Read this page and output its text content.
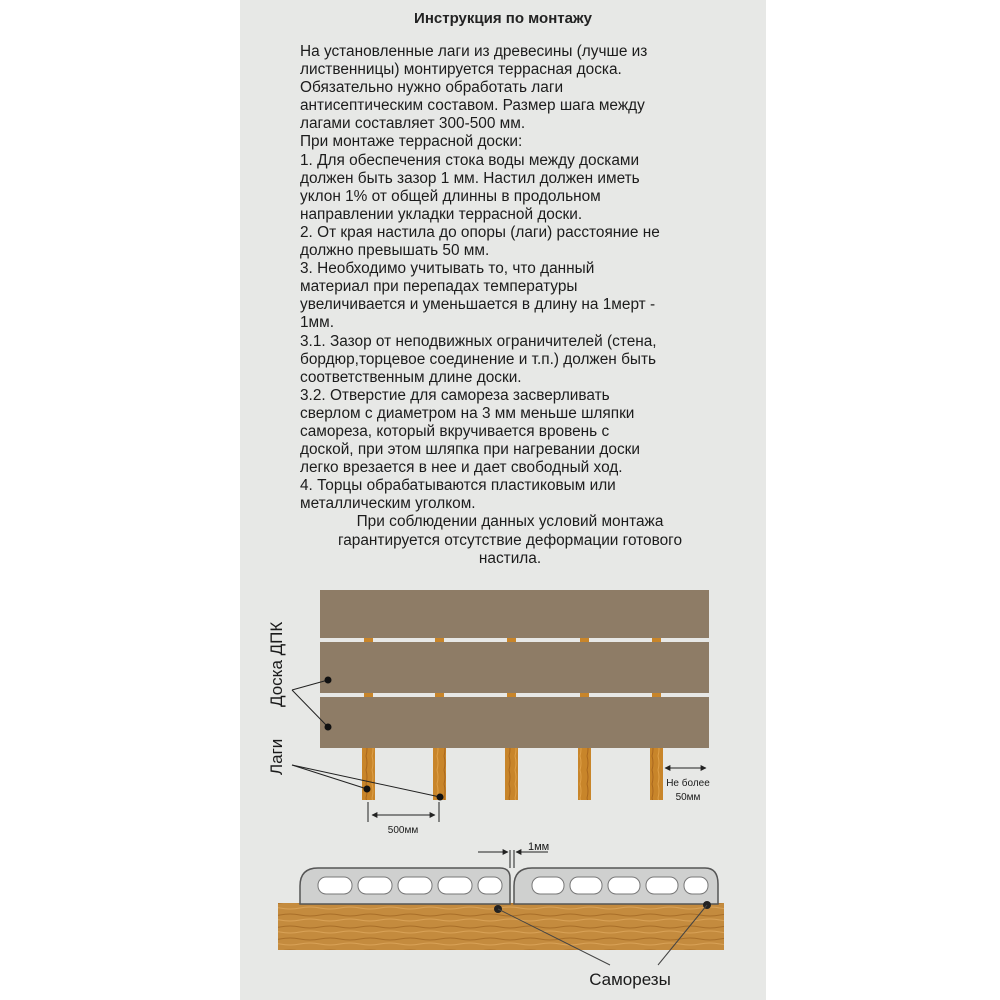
Инструкция по монтажу
На установленные лаги из древесины (лучше из
лиственницы) монтируется террасная доска.
Обязательно нужно обработать лаги
антисептическим составом. Размер шага между
лагами составляет 300-500 мм.
При монтаже террасной доски:
1. Для обеспечения стока воды между досками
должен быть зазор 1 мм. Настил должен иметь
уклон 1% от общей длинны в продольном
направлении укладки террасной доски.
2. От края настила до опоры (лаги) расстояние не
должно превышать 50 мм.
3. Необходимо учитывать то, что данный
материал при перепадах температуры
увеличивается и уменьшается в длину на 1мерт -
1мм.
3.1. Зазор от неподвижных ограничителей (стена,
бордюр,торцевое соединение и т.п.) должен быть
соответственным длине доски.
3.2. Отверстие для самореза засверливать
сверлом с диаметром на 3 мм меньше шляпки
самореза, который вкручивается вровень с
доской, при этом шляпка при нагревании доски
легко врезается в нее и дает свободный ход.
4. Торцы обрабатываются пластиковым или
металлическим уголком.
При соблюдении данных условий монтажа
гарантируется отсутствие деформации готового
настила.
Доска ДПК
Лаги
500мм
Не более
50мм
1мм
Саморезы
